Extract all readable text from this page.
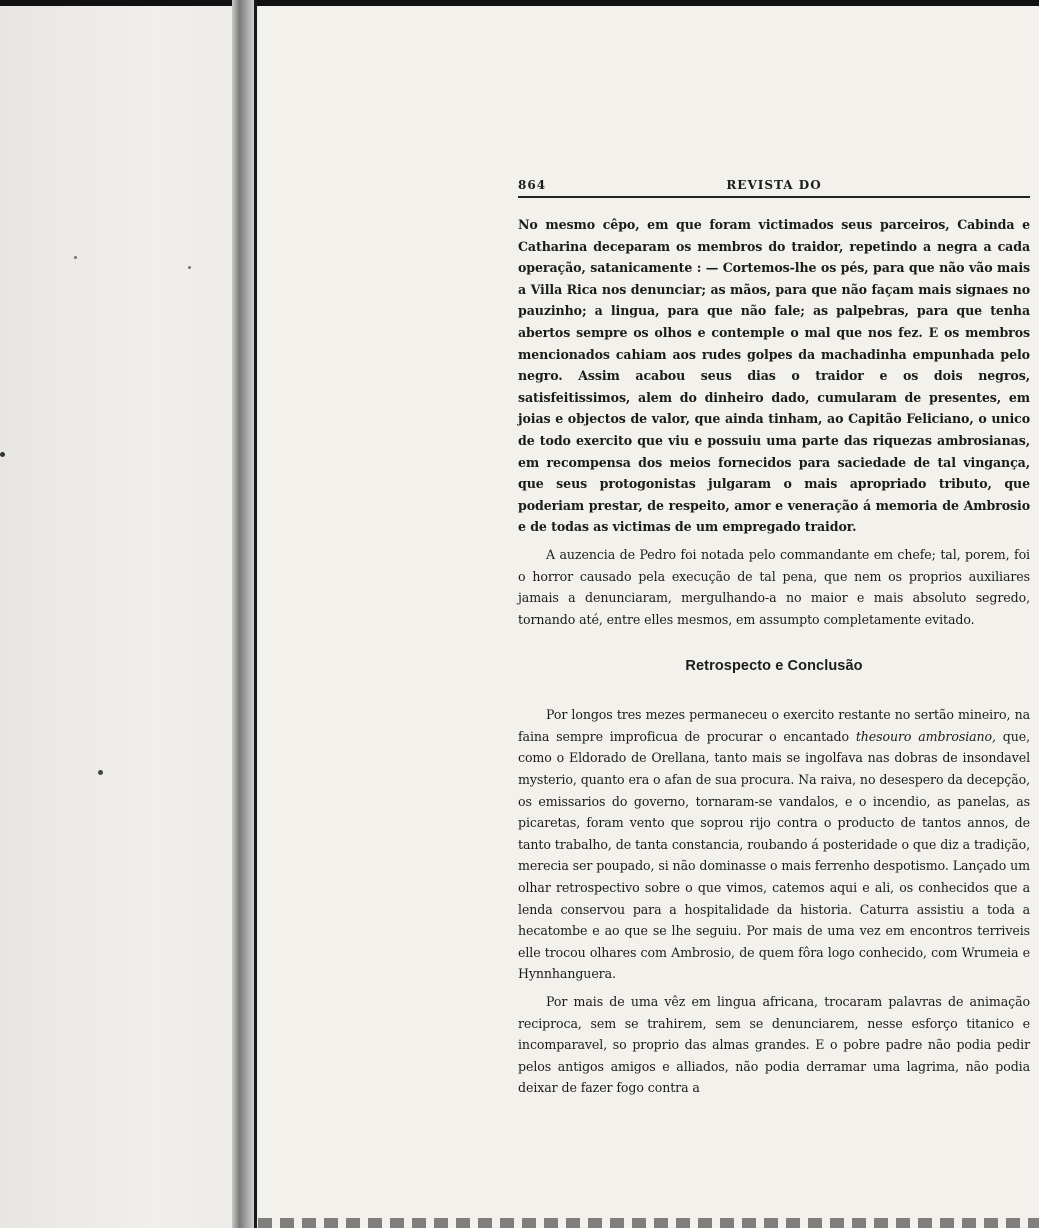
864	REVISTA DO

No mesmo cêpo, em que foram victimados seus parceiros, Cabinda e Catharina deceparam os membros do traidor, repetindo a negra a cada operação, satanicamente : — Cortemos-lhe os pés, para que não vão mais a Villa Rica nos denunciar; as mãos, para que não façam mais signaes no pauzinho; a lingua, para que não fale; as palpebras, para que tenha abertos sempre os olhos e contemple o mal que nos fez. E os membros mencionados cahiam aos rudes golpes da machadinha empunhada pelo negro. Assim acabou seus dias o traidor e os dois negros, satisfeitissimos, alem do dinheiro dado, cumularam de presentes, em joias e objectos de valor, que ainda tinham, ao Capitão Feliciano, o unico de todo exercito que viu e possuiu uma parte das riquezas ambrosianas, em recompensa dos meios fornecidos para saciedade de tal vingança, que seus protogonistas julgaram o mais apropriado tributo, que poderiam prestar, de respeito, amor e veneração á memoria de Ambrosio e de todas as victimas de um empregado traidor.

A auzencia de Pedro foi notada pelo commandante em chefe; tal, porem, foi o horror causado pela execução de tal pena, que nem os proprios auxiliares jamais a denunciaram, mergulhando-a no maior e mais absoluto segredo, tornando até, entre elles mesmos, em assumpto completamente evitado.

Retrospecto e Conclusão

Por longos tres mezes permaneceu o exercito restante no sertão mineiro, na faina sempre improficua de procurar o encantado thesouro ambrosiano, que, como o Eldorado de Orellana, tanto mais se ingolfava nas dobras de insondavel mysterio, quanto era o afan de sua procura. Na raiva, no desespero da decepção, os emissarios do governo, tornaram-se vandalos, e o incendio, as panelas, as picaretas, foram vento que soprou rijo contra o producto de tantos annos, de tanto trabalho, de tanta constancia, roubando á posteridade o que diz a tradição, merecia ser poupado, si não dominasse o mais ferrenho despotismo. Lançado um olhar retrospectivo sobre o que vimos, catemos aqui e ali, os conhecidos que a lenda conservou para a hospitalidade da historia. Caturra assistiu a toda a hecatombe e ao que se lhe seguiu. Por mais de uma vez em encontros terriveis elle trocou olhares com Ambrosio, de quem fôra logo conhecido, com Wrumeia e Hynnhanguera.

Por mais de uma vêz em lingua africana, trocaram palavras de animação reciproca, sem se trahirem, sem se denunciarem, nesse esforço titanico e incomparavel, so proprio das almas grandes. E o pobre padre não podia pedir pelos antigos amigos e alliados, não podia derramar uma lagrima, não podia deixar de fazer fogo contra a
